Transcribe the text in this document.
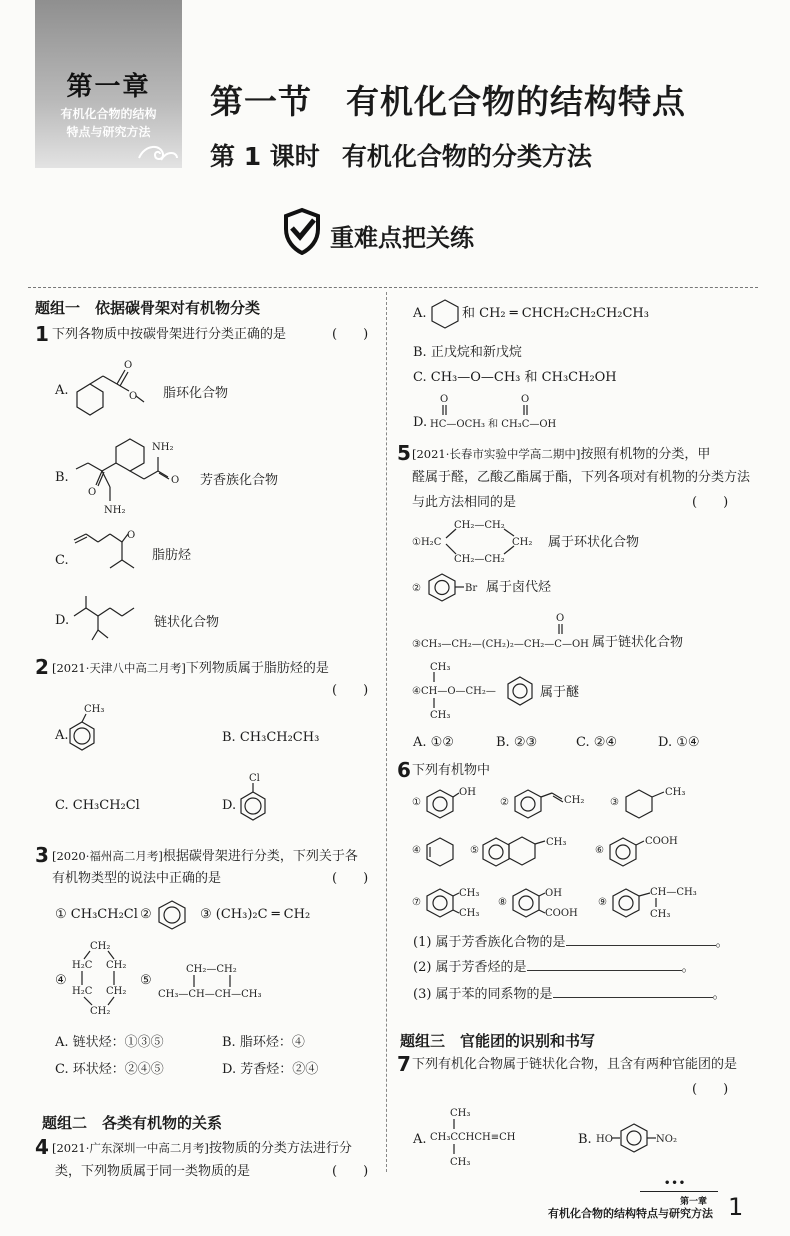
第一章
有机化合物的结构
特点与研究方法
第一节　有机化合物的结构特点
第 1 课时 有机化合物的分类方法
重难点把关练
题组一　依据碳骨架对有机物分类
1 下列各物质中按碳骨架进行分类正确的是	(　　)
A.	O
O
脂环化合物
B.
O
NH₂
NH₂
O 芳香族化合物
C.
O
脂肪烃
D.	链状化合物
2 [2021·天津八中高二月考]下列物质属于脂肪烃的是
(　　)
A.
CH₃
B. CH₃CH₂CH₃
C. CH₃CH₂Cl	D.
Cl
3 [2020·福州高二月考]根据碳骨架进行分类，下列关于各
有机物类型的说法中正确的是	(　　)
① CH₃CH₂Cl ②	③ (CH₃)₂C ═ CH₂
④
CH₂
H₂C CH₂
H₂C CH₂
CH₂
⑤
CH₂—CH₂
CH₃—CH—CH—CH₃
A. 链状烃：①③⑤	B. 脂环烃：④
C. 环状烃：②④⑤	D. 芳香烃：②④
题组二　各类有机物的关系
4 [2021·广东深圳一中高二月考]按物质的分类方法进行分
类，下列物质属于同一类物质的是	(　　)
A.	和 CH₂ ═ CHCH₂CH₂CH₂CH₃
B. 正戊烷和新戊烷
C. CH₃—O—CH₃ 和 CH₃CH₂OH
D.
O
HC—OCH₃ 和 CH₃C—OH
O
5 [2021·长春市实验中学高二期中]按照有机物的分类，甲
醛属于醛，乙酸乙酯属于酯，下列各项对有机物的分类方法
与此方法相同的是	(　　)
①H₂C
CH₂—CH₂
CH₂—CH₂
CH₂ 属于环状化合物
②	Br 属于卤代烃
O
③CH₃—CH₂—(CH₂)₂—CH₂—C—OH 属于链状化合物
CH₃
④CH—O—CH₂—
CH₃
属于醚
A. ①②	B. ②③	C. ②④	D. ①④
6 下列有机物中
①
OH
②	CH₂	③
CH₃
④	⑤
CH₃
⑥
COOH
⑦
CH₃
CH₃
⑧
OH
COOH
⑨
CH—CH₃
CH₃
(1) 属于芳香族化合物的是	。
(2) 属于芳香烃的是	。
(3) 属于苯的同系物的是	。
题组三　官能团的识别和书写
7 下列有机化合物属于链状化合物，且含有两种官能团的是
(　　)
A.
CH₃
CH₃CCHCH≡CH
CH₃
B. HO	NO₂
•••
第一章
有机化合物的结构特点与研究方法 1
